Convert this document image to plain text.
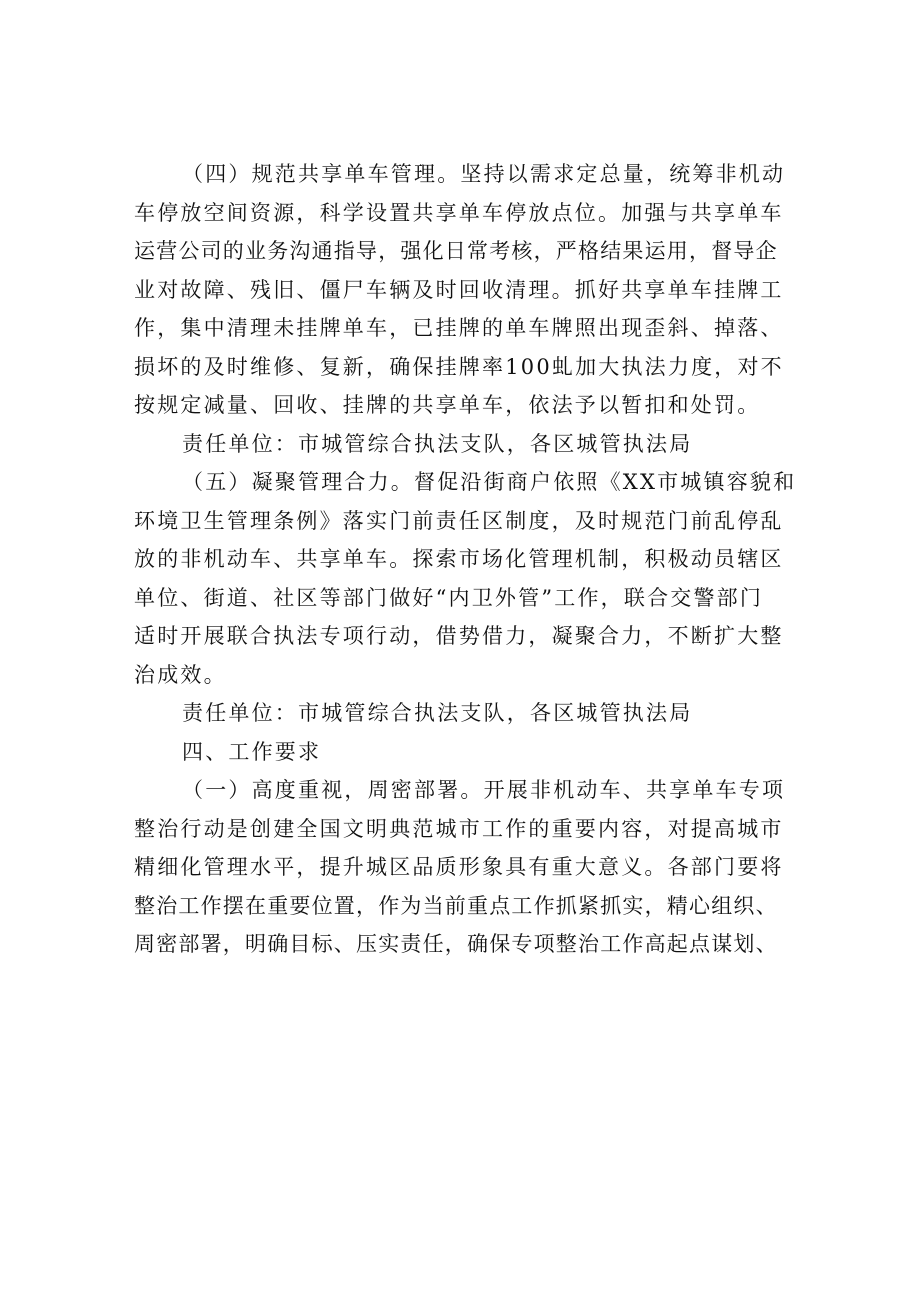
（四）规范共享单车管理。坚持以需求定总量，统筹非机动
车停放空间资源，科学设置共享单车停放点位。加强与共享单车
运营公司的业务沟通指导，强化日常考核，严格结果运用，督导企
业对故障、残旧、僵尸车辆及时回收清理。抓好共享单车挂牌工
作，集中清理未挂牌单车，已挂牌的单车牌照出现歪斜、掉落、
损坏的及时维修、复新，确保挂牌率100虬加大执法力度，对不
按规定减量、回收、挂牌的共享单车，依法予以暂扣和处罚。
责任单位：市城管综合执法支队，各区城管执法局
（五）凝聚管理合力。督促沿街商户依照《XX市城镇容貌和
环境卫生管理条例》落实门前责任区制度，及时规范门前乱停乱
放的非机动车、共享单车。探索市场化管理机制，积极动员辖区
单位、街道、社区等部门做好“内卫外管”工作，联合交警部门
适时开展联合执法专项行动，借势借力，凝聚合力，不断扩大整
治成效。
责任单位：市城管综合执法支队，各区城管执法局
四、工作要求
（一）高度重视，周密部署。开展非机动车、共享单车专项
整治行动是创建全国文明典范城市工作的重要内容，对提高城市
精细化管理水平，提升城区品质形象具有重大意义。各部门要将
整治工作摆在重要位置，作为当前重点工作抓紧抓实，精心组织、
周密部署，明确目标、压实责任，确保专项整治工作高起点谋划、
